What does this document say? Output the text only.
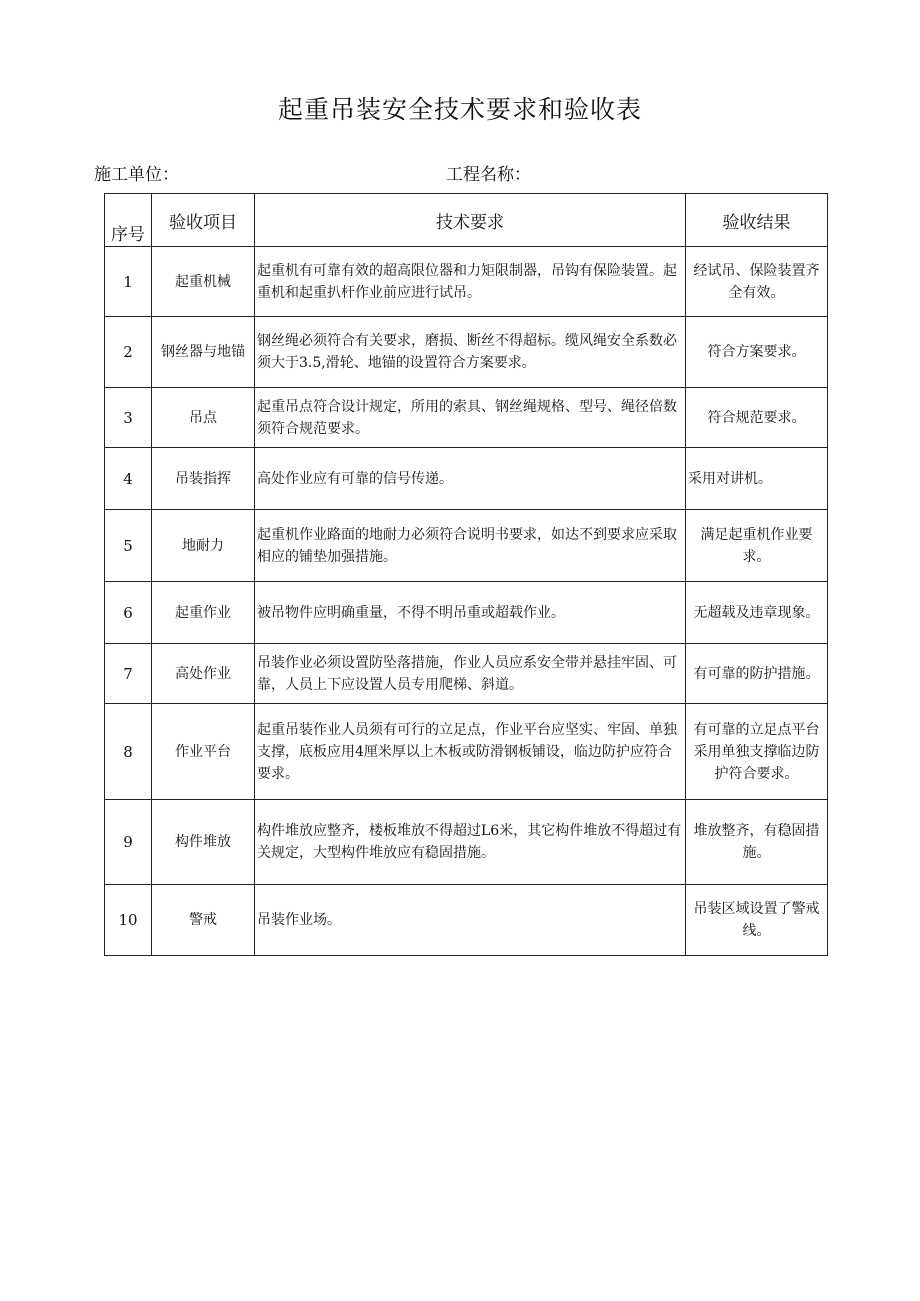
起重吊装安全技术要求和验收表
施工单位：	工程名称：
序号	验收项目	技术要求	验收结果
1	起重机械	起重机有可靠有效的超高限位器和力矩限制器，吊钩有保险装置。起重机和起重扒杆作业前应进行试吊。	经试吊、保险装置齐全有效。
2	钢丝器与地锚	钢丝绳必须符合有关要求，磨损、断丝不得超标。缆风绳安全系数必须大于3.5,滑轮、地锚的设置符合方案要求。	符合方案要求。
3	吊点	起重吊点符合设计规定，所用的索具、钢丝绳规格、型号、绳径倍数须符合规范要求。	符合规范要求。
4	吊装指挥	高处作业应有可靠的信号传递。	采用对讲机。
5	地耐力	起重机作业路面的地耐力必须符合说明书要求，如达不到要求应采取相应的铺垫加强措施。	满足起重机作业要求。
6	起重作业	被吊物件应明确重量，不得不明吊重或超载作业。	无超载及违章现象。
7	高处作业	吊装作业必须设置防坠落措施，作业人员应系安全带并悬挂牢固、可靠，人员上下应设置人员专用爬梯、斜道。	有可靠的防护措施。
8	作业平台	起重吊装作业人员须有可行的立足点，作业平台应坚实、牢固、单独支撑，底板应用4厘米厚以上木板或防滑钢板铺设，临边防护应符合要求。	有可靠的立足点平台采用单独支撑临边防护符合要求。
9	构件堆放	构件堆放应整齐，楼板堆放不得超过L6米，其它构件堆放不得超过有关规定，大型构件堆放应有稳固措施。	堆放整齐，有稳固措施。
10	警戒	吊装作业场。	吊装区域设置了警戒线。
